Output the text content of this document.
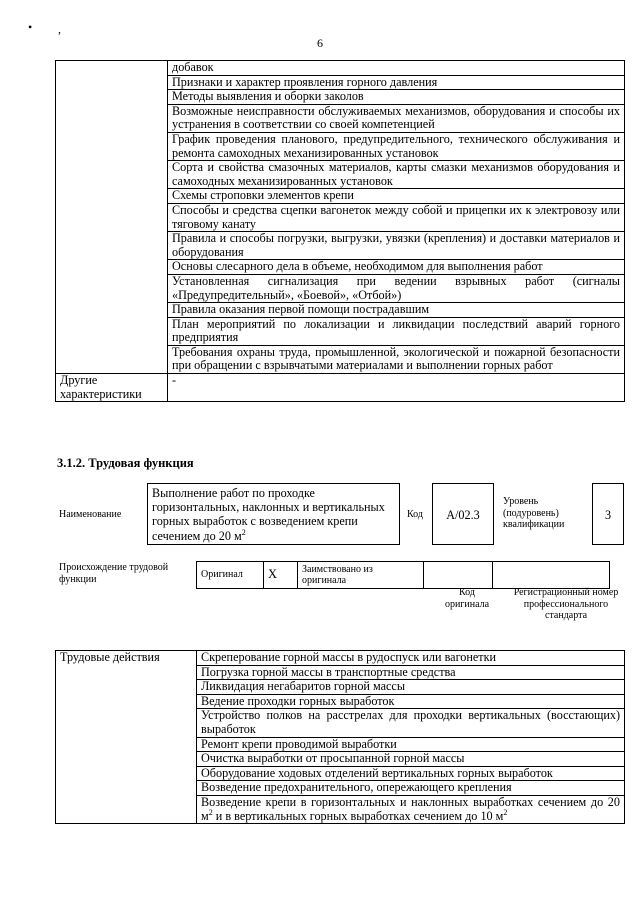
• ,
6
	добавок
	Признаки и характер проявления горного давления
	Методы выявления и оборки заколов
	Возможные неисправности обслуживаемых механизмов, оборудования и способы их устранения в соответствии со своей компетенцией
	График проведения планового, предупредительного, технического обслуживания и ремонта самоходных механизированных установок
	Сорта и свойства смазочных материалов, карты смазки механизмов оборудования и самоходных механизированных установок
	Схемы строповки элементов крепи
	Способы и средства сцепки вагонеток между собой и прицепки их к электровозу или тяговому канату
	Правила и способы погрузки, выгрузки, увязки (крепления) и доставки материалов и оборудования
	Основы слесарного дела в объеме, необходимом для выполнения работ
	Установленная сигнализация при ведении взрывных работ (сигналы «Предупредительный», «Боевой», «Отбой»)
	Правила оказания первой помощи пострадавшим
	План мероприятий по локализации и ликвидации последствий аварий горного предприятия
	Требования охраны труда, промышленной, экологической и пожарной безопасности при обращении с взрывчатыми материалами и выполнении горных работ
Другие характеристики	-
3.1.2. Трудовая функция
Наименование
Выполнение работ по проходке горизонтальных, наклонных и вертикальных горных выработок с возведением крепи сечением до 20 $м^2$
Код	А/02.3
Уровень (подуровень) квалификации
3
Происхождение трудовой функции	Оригинал	X	Заимствовано из оригинала		
Код оригинала
Регистрационный номер профессионального стандарта
Трудовые действия	Скреперование горной массы в рудоспуск или вагонетки
Погрузка горной массы в транспортные средства
Ликвидация негабаритов горной массы
Ведение проходки горных выработок
Устройство полков на расстрелах для проходки вертикальных (восстающих) выработок
Ремонт крепи проводимой выработки
Очистка выработки от просыпанной горной массы
Оборудование ходовых отделений вертикальных горных выработок
Возведение предохранительного, опережающего крепления
Возведение крепи в горизонтальных и наклонных выработках сечением до 20 $м^2$ и в вертикальных горных выработках сечением до 10 $м^2$
